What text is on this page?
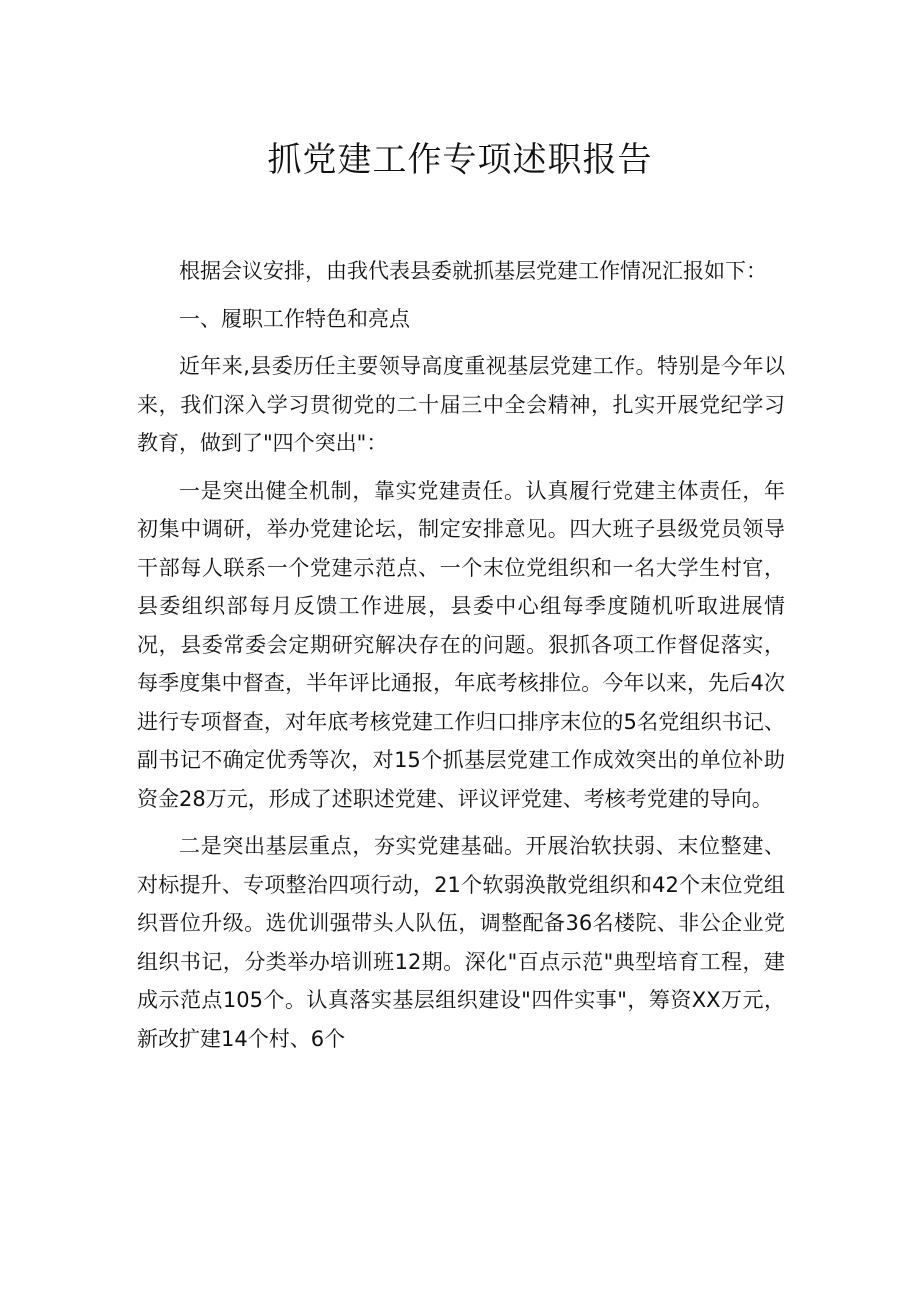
抓党建工作专项述职报告

根据会议安排，由我代表县委就抓基层党建工作情况汇报如下：

一、履职工作特色和亮点

近年来,县委历任主要领导高度重视基层党建工作。特别是今年以来，我们深入学习贯彻党的二十届三中全会精神，扎实开展党纪学习教育，做到了"四个突出"：

一是突出健全机制，靠实党建责任。认真履行党建主体责任，年初集中调研，举办党建论坛，制定安排意见。四大班子县级党员领导干部每人联系一个党建示范点、一个末位党组织和一名大学生村官，县委组织部每月反馈工作进展，县委中心组每季度随机听取进展情况，县委常委会定期研究解决存在的问题。狠抓各项工作督促落实，每季度集中督查，半年评比通报，年底考核排位。今年以来，先后4次进行专项督查，对年底考核党建工作归口排序末位的5名党组织书记、副书记不确定优秀等次，对15个抓基层党建工作成效突出的单位补助资金28万元，形成了述职述党建、评议评党建、考核考党建的导向。

二是突出基层重点，夯实党建基础。开展治软扶弱、末位整建、对标提升、专项整治四项行动，21个软弱涣散党组织和42个末位党组织晋位升级。选优训强带头人队伍，调整配备36名楼院、非公企业党组织书记，分类举办培训班12期。深化"百点示范"典型培育工程，建成示范点105个。认真落实基层组织建设"四件实事"，筹资XX万元，新改扩建14个村、6个
